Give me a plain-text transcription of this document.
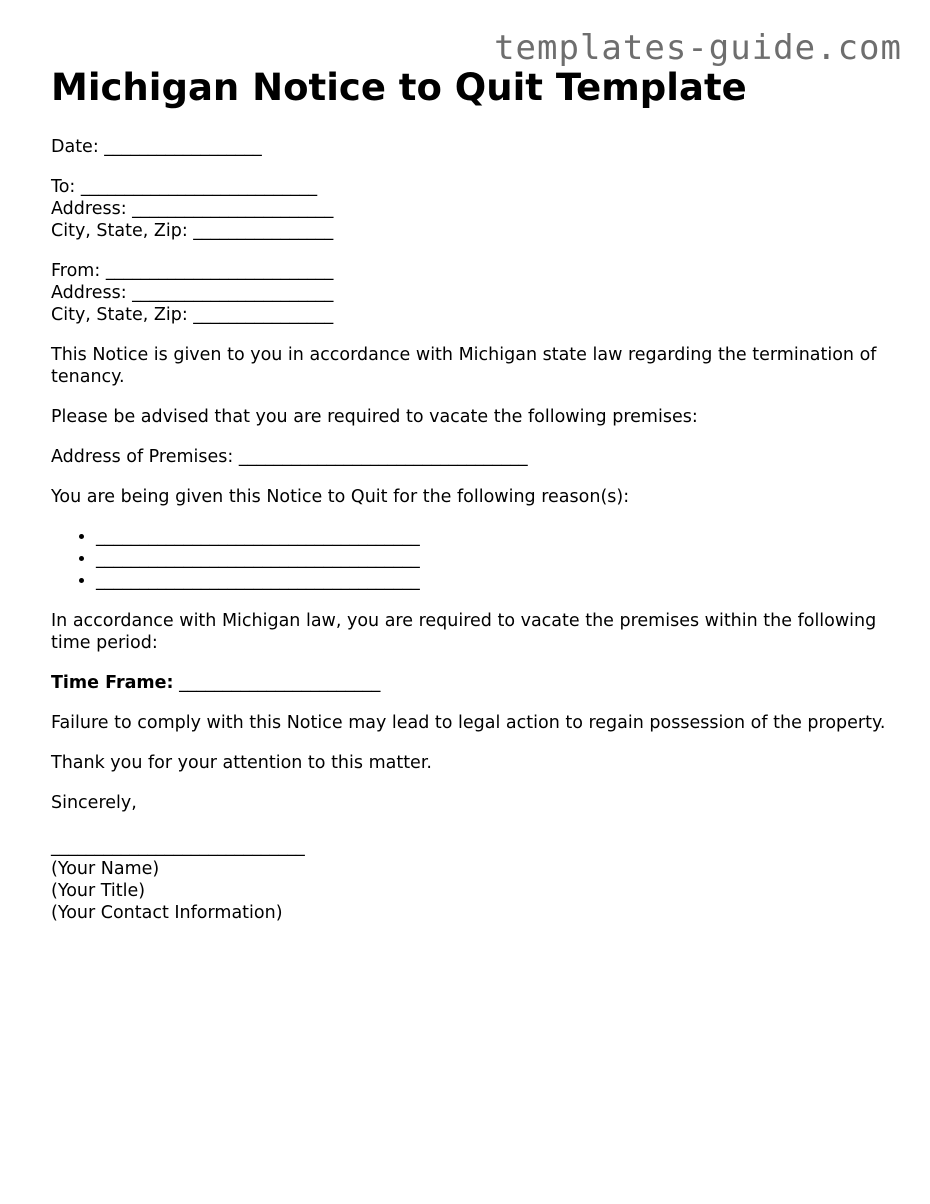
templates-guide.com
Michigan Notice to Quit Template

Date: __________________

To: ___________________________
Address: _______________________
City, State, Zip: ________________
From: __________________________
Address: _______________________
City, State, Zip: ________________

This Notice is given to you in accordance with Michigan state law regarding the termination of tenancy.

Please be advised that you are required to vacate the following premises:

Address of Premises: _________________________________

You are being given this Notice to Quit for the following reason(s):

• _____________________________________
• _____________________________________
• _____________________________________

In accordance with Michigan law, you are required to vacate the premises within the following time period:

Time Frame: _______________________

Failure to comply with this Notice may lead to legal action to regain possession of the property.

Thank you for your attention to this matter.

Sincerely,

_____________________________
(Your Name)
(Your Title)
(Your Contact Information)
